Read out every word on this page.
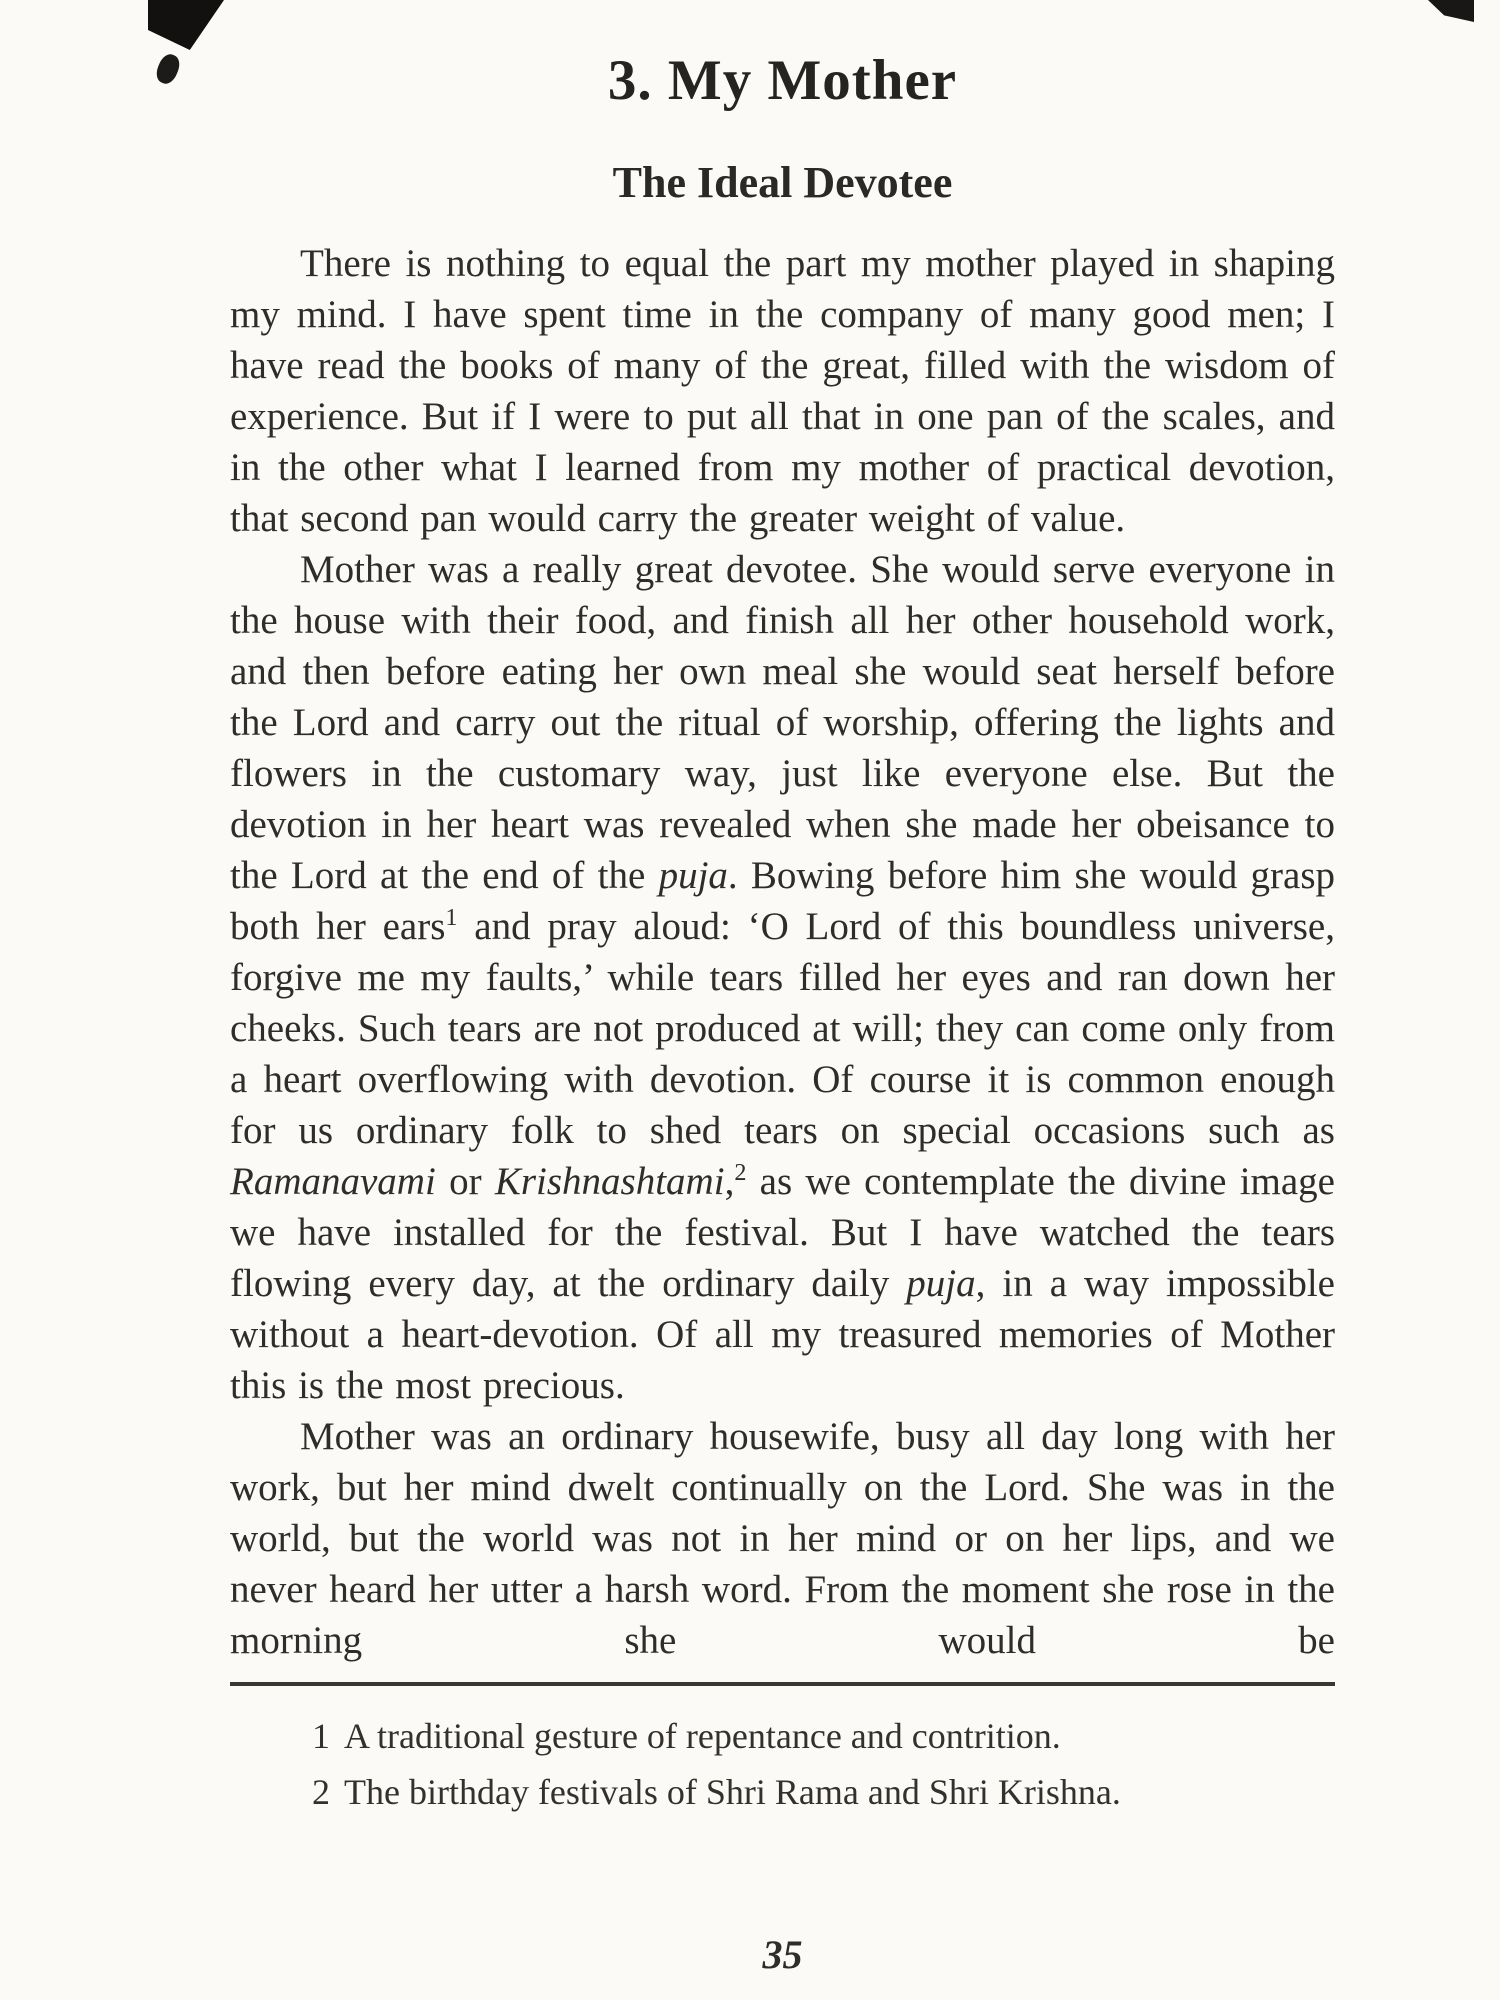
3. My Mother
The Ideal Devotee

There is nothing to equal the part my mother played in shaping my mind. I have spent time in the company of many good men; I have read the books of many of the great, filled with the wisdom of experience. But if I were to put all that in one pan of the scales, and in the other what I learned from my mother of practical devotion, that second pan would carry the greater weight of value.

Mother was a really great devotee. She would serve everyone in the house with their food, and finish all her other household work, and then before eating her own meal she would seat herself before the Lord and carry out the ritual of worship, offering the lights and flowers in the customary way, just like everyone else. But the devotion in her heart was revealed when she made her obeisance to the Lord at the end of the puja. Bowing before him she would grasp both her ears$^1$ and pray aloud: ‘O Lord of this boundless universe, forgive me my faults,’ while tears filled her eyes and ran down her cheeks. Such tears are not produced at will; they can come only from a heart overflowing with devotion. Of course it is common enough for us ordinary folk to shed tears on special occasions such as Ramanavami or Krishnashtami,$^2$ as we contemplate the divine image we have installed for the festival. But I have watched the tears flowing every day, at the ordinary daily puja, in a way impossible without a heart-devotion. Of all my treasured memories of Mother this is the most precious.

Mother was an ordinary housewife, busy all day long with her work, but her mind dwelt continually on the Lord. She was in the world, but the world was not in her mind or on her lips, and we never heard her utter a harsh word. From the moment she rose in the morning she would be

1 A traditional gesture of repentance and contrition.
2 The birthday festivals of Shri Rama and Shri Krishna.
35
